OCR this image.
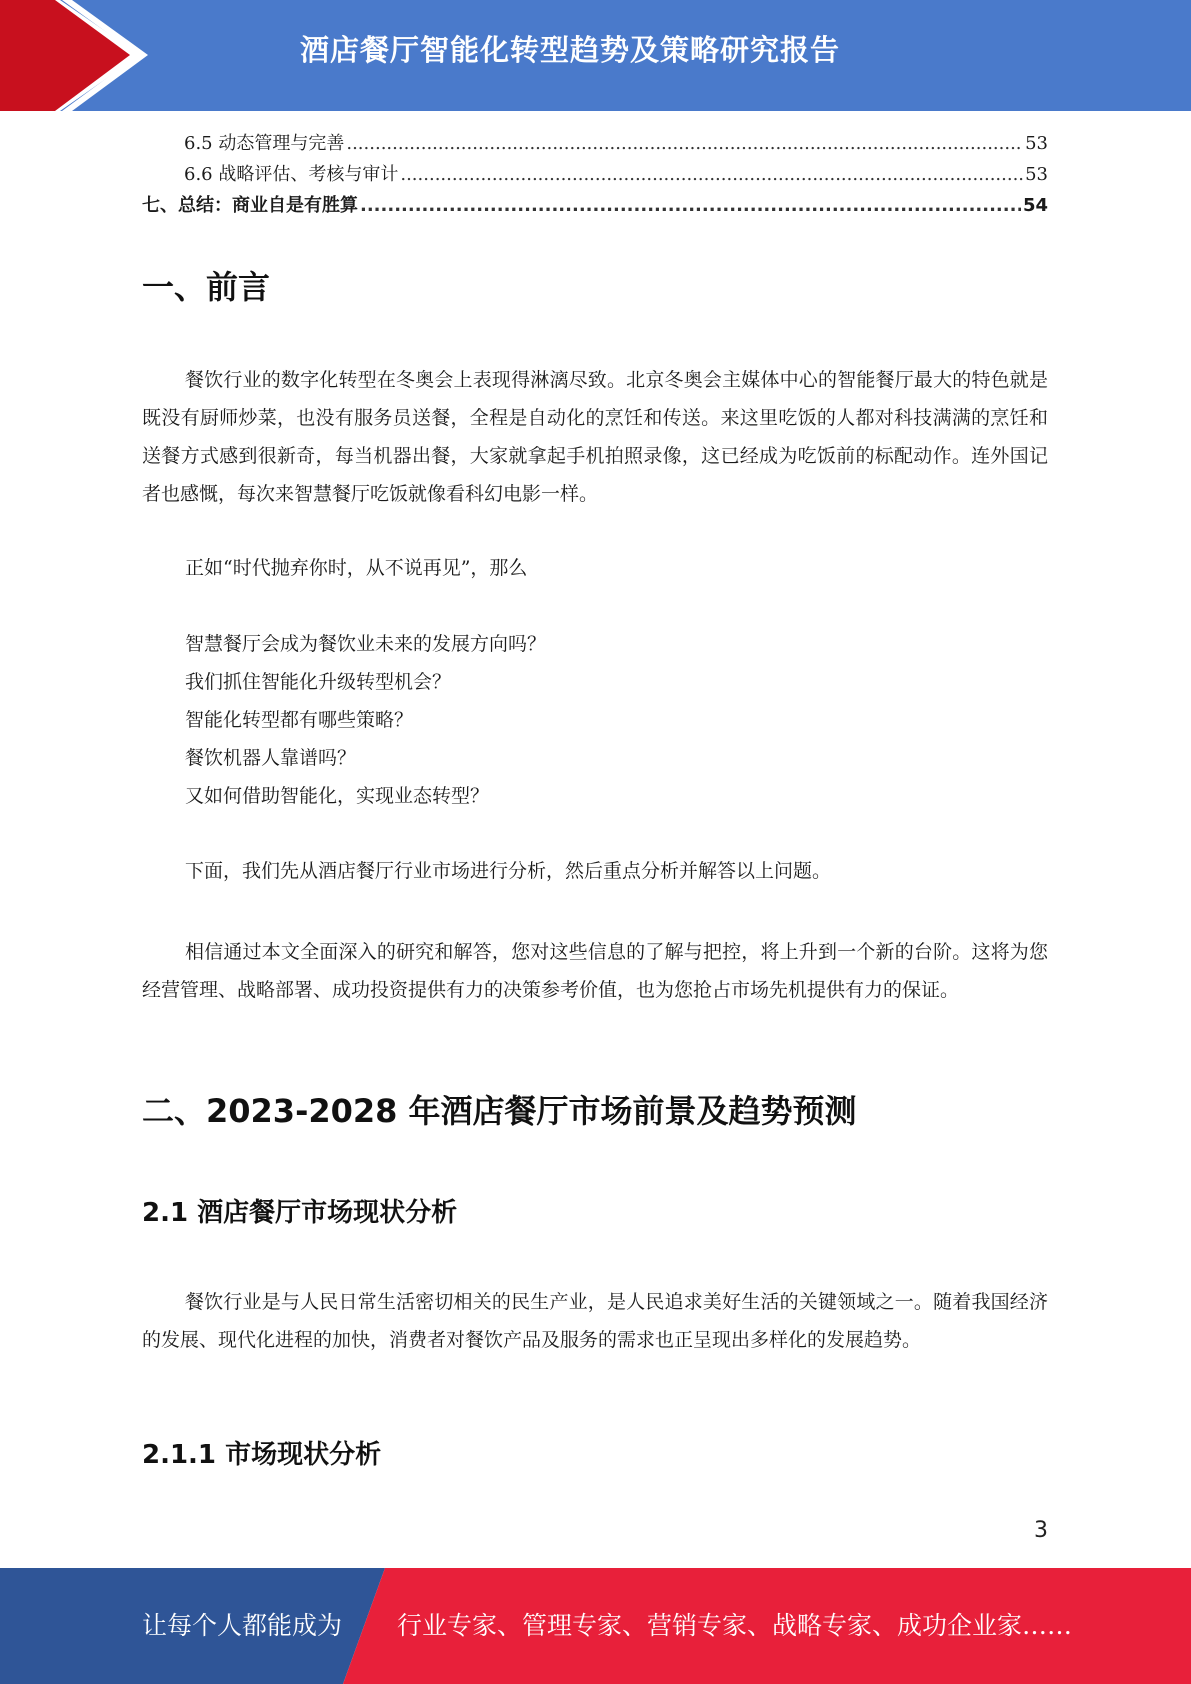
酒店餐厅智能化转型趋势及策略研究报告
6.5 动态管理与完善 .....	53
6.6 战略评估、考核与审计 .....	53
七、总结：商业自是有胜算 .....	54
一、前言

餐饮行业的数字化转型在冬奥会上表现得淋漓尽致。北京冬奥会主媒体中心的智能餐厅最大的特色就是既没有厨师炒菜，也没有服务员送餐，全程是自动化的烹饪和传送。来这里吃饭的人都对科技满满的烹饪和送餐方式感到很新奇，每当机器出餐，大家就拿起手机拍照录像，这已经成为吃饭前的标配动作。连外国记者也感慨，每次来智慧餐厅吃饭就像看科幻电影一样。

正如“时代抛弃你时，从不说再见”，那么

智慧餐厅会成为餐饮业未来的发展方向吗？
我们抓住智能化升级转型机会？
智能化转型都有哪些策略？
餐饮机器人靠谱吗？
又如何借助智能化，实现业态转型？

下面，我们先从酒店餐厅行业市场进行分析，然后重点分析并解答以上问题。

相信通过本文全面深入的研究和解答，您对这些信息的了解与把控，将上升到一个新的台阶。这将为您经营管理、战略部署、成功投资提供有力的决策参考价值，也为您抢占市场先机提供有力的保证。

二、2023-2028 年酒店餐厅市场前景及趋势预测
2.1 酒店餐厅市场现状分析

餐饮行业是与人民日常生活密切相关的民生产业，是人民追求美好生活的关键领域之一。随着我国经济的发展、现代化进程的加快，消费者对餐饮产品及服务的需求也正呈现出多样化的发展趋势。

2.1.1 市场现状分析
3
让每个人都能成为 行业专家、管理专家、营销专家、战略专家、成功企业家……
